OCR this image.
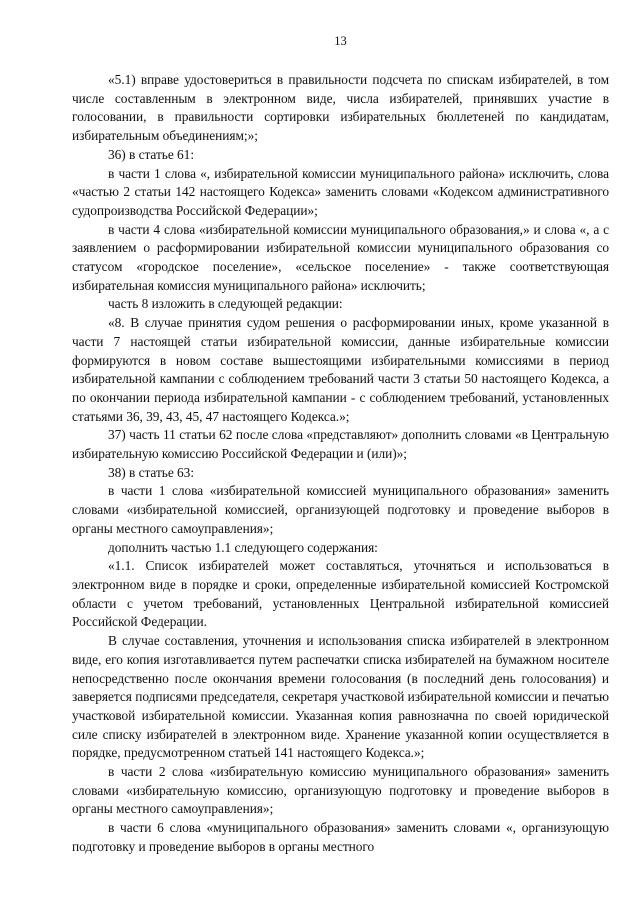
13

«5.1) вправе удостовериться в правильности подсчета по спискам избирателей, в том числе составленным в электронном виде, числа избирателей, принявших участие в голосовании, в правильности сортировки избирательных бюллетеней по кандидатам, избирательным объединениям;»;

36) в статье 61:

в части 1 слова «, избирательной комиссии муниципального района» исключить, слова «частью 2 статьи 142 настоящего Кодекса» заменить словами «Кодексом административного судопроизводства Российской Федерации»;

в части 4 слова «избирательной комиссии муниципального образования,» и слова «, а с заявлением о расформировании избирательной комиссии муниципального образования со статусом «городское поселение», «сельское поселение» - также соответствующая избирательная комиссия муниципального района» исключить;

часть 8 изложить в следующей редакции:

«8. В случае принятия судом решения о расформировании иных, кроме указанной в части 7 настоящей статьи избирательной комиссии, данные избирательные комиссии формируются в новом составе вышестоящими избирательными комиссиями в период избирательной кампании с соблюдением требований части 3 статьи 50 настоящего Кодекса, а по окончании периода избирательной кампании - с соблюдением требований, установленных статьями 36, 39, 43, 45, 47 настоящего Кодекса.»;

37) часть 11 статьи 62 после слова «представляют» дополнить словами «в Центральную избирательную комиссию Российской Федерации и (или)»;

38) в статье 63:

в части 1 слова «избирательной комиссией муниципального образования» заменить словами «избирательной комиссией, организующей подготовку и проведение выборов в органы местного самоуправления»;

дополнить частью 1.1 следующего содержания:

«1.1. Список избирателей может составляться, уточняться и использоваться в электронном виде в порядке и сроки, определенные избирательной комиссией Костромской области с учетом требований, установленных Центральной избирательной комиссией Российской Федерации.

В случае составления, уточнения и использования списка избирателей в электронном виде, его копия изготавливается путем распечатки списка избирателей на бумажном носителе непосредственно после окончания времени голосования (в последний день голосования) и заверяется подписями председателя, секретаря участковой избирательной комиссии и печатью участковой избирательной комиссии. Указанная копия равнозначна по своей юридической силе списку избирателей в электронном виде. Хранение указанной копии осуществляется в порядке, предусмотренном статьей 141 настоящего Кодекса.»;

в части 2 слова «избирательную комиссию муниципального образования» заменить словами «избирательную комиссию, организующую подготовку и проведение выборов в органы местного самоуправления»;

в части 6 слова «муниципального образования» заменить словами «, организующую подготовку и проведение выборов в органы местного
